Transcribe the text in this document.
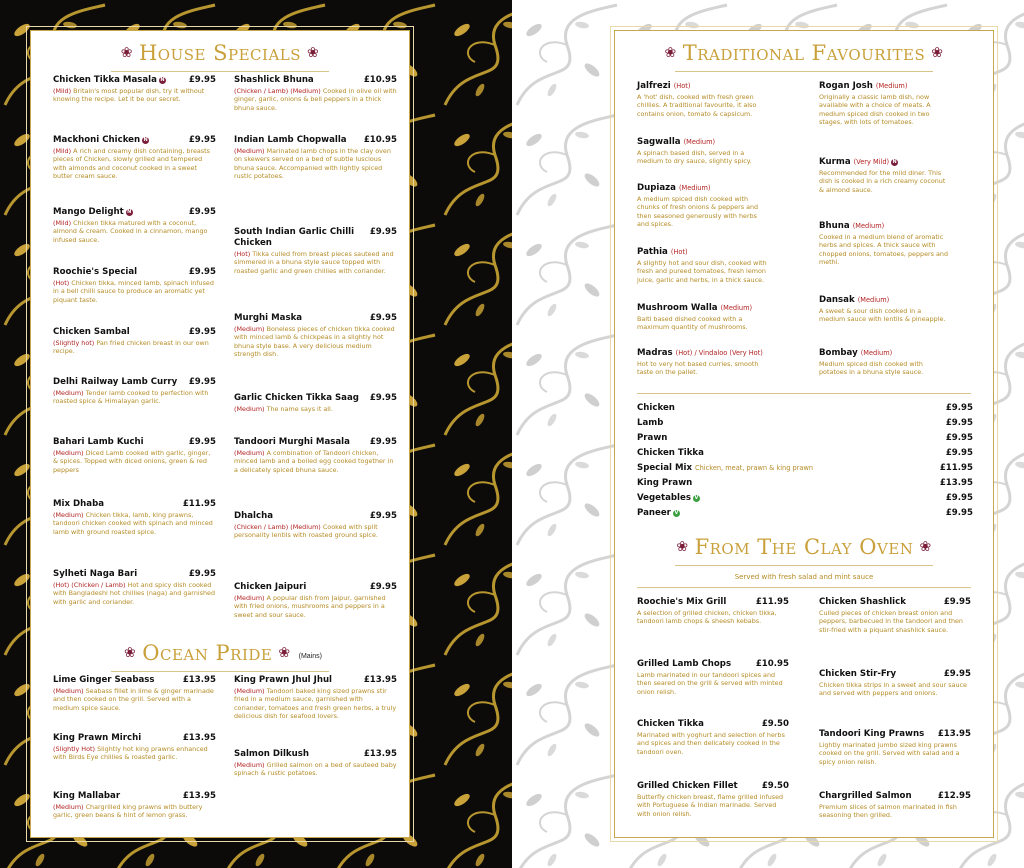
❀ House Specials ❀
Chicken Tikka Masala N	£9.95
(Mild) Britain's most popular dish, try it without knowing the recipe. Let it be our secret.
Mackhoni Chicken N	£9.95
(Mild) A rich and creamy dish containing, breasts pieces of Chicken, slowly grilled and tempered with almonds and coconut cooked in a sweet butter cream sauce.
Mango Delight N	£9.95
(Mild) Chicken tikka matured with a coconut, almond & cream. Cooked in a cinnamon, mango infused sauce.
Roochie's Special	£9.95
(Hot) Chicken tikka, minced lamb, spinach infused in a bell chilli sauce to produce an aromatic yet piquant taste.
Chicken Sambal	£9.95
(Slightly hot) Pan fried chicken breast in our own recipe.
Delhi Railway Lamb Curry £9.95
(Medium) Tender lamb cooked to perfection with roasted spice & Himalayan garlic.
Bahari Lamb Kuchi	£9.95
(Medium) Diced Lamb cooked with garlic, ginger, & spices. Topped with diced onions, green & red peppers
Mix Dhaba	£11.95
(Medium) Chicken tikka, lamb, king prawns, tandoori chicken cooked with spinach and minced lamb with ground roasted spice.
Sylheti Naga Bari	£9.95
(Hot) (Chicken / Lamb) Hot and spicy dish cooked with Bangladeshi hot chillies (naga) and garnished with garlic and coriander.
Shashlick Bhuna	£10.95
(Chicken / Lamb) (Medium) Cooked in olive oil with ginger, garlic, onions & bell peppers in a thick bhuna sauce.
Indian Lamb Chopwalla £10.95
(Medium) Marinated lamb chops in the clay oven on skewers served on a bed of subtle luscious bhuna sauce. Accompanied with lightly spiced rustic potatoes.
South Indian Garlic Chilli Chicken
£9.95
(Hot) Tikka culled from breast pieces sauteed and simmered in a bhuna style sauce topped with roasted garlic and green chillies with coriander.
Murghi Maska	£9.95
(Medium) Boneless pieces of chicken tikka cooked with minced lamb & chickpeas in a slightly hot bhuna style base. A very delicious medium strength dish.
Garlic Chicken Tikka Saag £9.95
(Medium) The name says it all.
Tandoori Murghi Masala £9.95
(Medium) A combination of Tandoori chicken, minced lamb and a boiled egg cooked together in a delicately spiced bhuna sauce.
Dhalcha	£9.95
(Chicken / Lamb) (Medium) Cooked with split personality lentils with roasted ground spice.
Chicken Jaipuri	£9.95
(Medium) A popular dish from Jaipur, garnished with fried onions, mushrooms and peppers in a sweet and sour sauce.
❀ Ocean Pride ❀ $^{(Mains)}$
Lime Ginger Seabass	£13.95
(Medium) Seabass fillet in lime & ginger marinade and then cooked on the grill. Served with a medium spice sauce.
King Prawn Mirchi	£13.95
(Slightly Hot) Slightly hot king prawns enhanced with Birds Eye chillies & roasted garlic.
King Mallabar	£13.95
(Medium) Chargrilled king prawns with buttery garlic, green beans & hint of lemon grass.
King Prawn Jhul Jhul	£13.95
(Medium) Tandoori baked king sized prawns stir fried in a medium sauce, garnished with coriander, tomatoes and fresh green herbs, a truly delicious dish for seafood lovers.
Salmon Dilkush	£13.95
(Medium) Grilled salmon on a bed of sauteed baby spinach & rustic potatoes.
❀ Traditional Favourites ❀
Jalfrezi (Hot)
A 'hot' dish, cooked with fresh green chillies. A traditional favourite, it also contains onion, tomato & capsicum.
Sagwalla (Medium)
A spinach based dish, served in a medium to dry sauce, slightly spicy.
Dupiaza (Medium)
A medium spiced dish cooked with chunks of fresh onions & peppers and then seasoned generously with herbs and spices.
Pathia (Hot)
A slightly hot and sour dish, cooked with fresh and pureed tomatoes, fresh lemon juice, garlic and herbs, in a thick sauce.
Mushroom Walla (Medium)
Balti based dished cooked with a maximum quantity of mushrooms.
Madras (Hot) / Vindaloo (Very Hot)
Hot to very hot based curries, smooth taste on the pallet.
Rogan Josh (Medium)
Originally a classic lamb dish, now available with a choice of meats. A medium spiced dish cooked in two stages, with lots of tomatoes.
Kurma (Very Mild) N
Recommended for the mild diner. This dish is cooked in a rich creamy coconut & almond sauce.
Bhuna (Medium)
Cooked in a medium blend of aromatic herbs and spices. A thick sauce with chopped onions, tomatoes, peppers and methi.
Dansak (Medium)
A sweet & sour dish cooked in a medium sauce with lentils & pineapple.
Bombay (Medium)
Medium spiced dish cooked with potatoes in a bhuna style sauce.
Chicken	£9.95
Lamb	£9.95
Prawn	£9.95
Chicken Tikka	£9.95
Special Mix Chicken, meat, prawn & king prawn	£11.95
King Prawn	£13.95
Vegetables V	£9.95
Paneer V	£9.95
❀ From The Clay Oven ❀
Served with fresh salad and mint sauce
Roochie's Mix Grill	£11.95
A selection of grilled chicken, chicken tikka, tandoori lamb chops & sheesh kebabs.
Grilled Lamb Chops	£10.95
Lamb marinated in our tandoori spices and then seared on the grill & served with minted onion relish.
Chicken Tikka	£9.50
Marinated with yoghurt and selection of herbs and spices and then delicately cooked in the tandoori oven.
Grilled Chicken Fillet	£9.50
Butterfly chicken breast, flame grilled infused with Portuguese & Indian marinade. Served with onion relish.
Chicken Shashlick	£9.95
Culled pieces of chicken breast onion and peppers, barbecued in the tandoori and then stir-fried with a piquant shashlick sauce.
Chicken Stir-Fry	£9.95
Chicken tikka strips in a sweet and sour sauce and served with peppers and onions.
Tandoori King Prawns £13.95
Lightly marinated jumbo sized king prawns cooked on the grill. Served with salad and a spicy onion relish.
Chargrilled Salmon	£12.95
Premium slices of salmon marinated in fish seasoning then grilled.
